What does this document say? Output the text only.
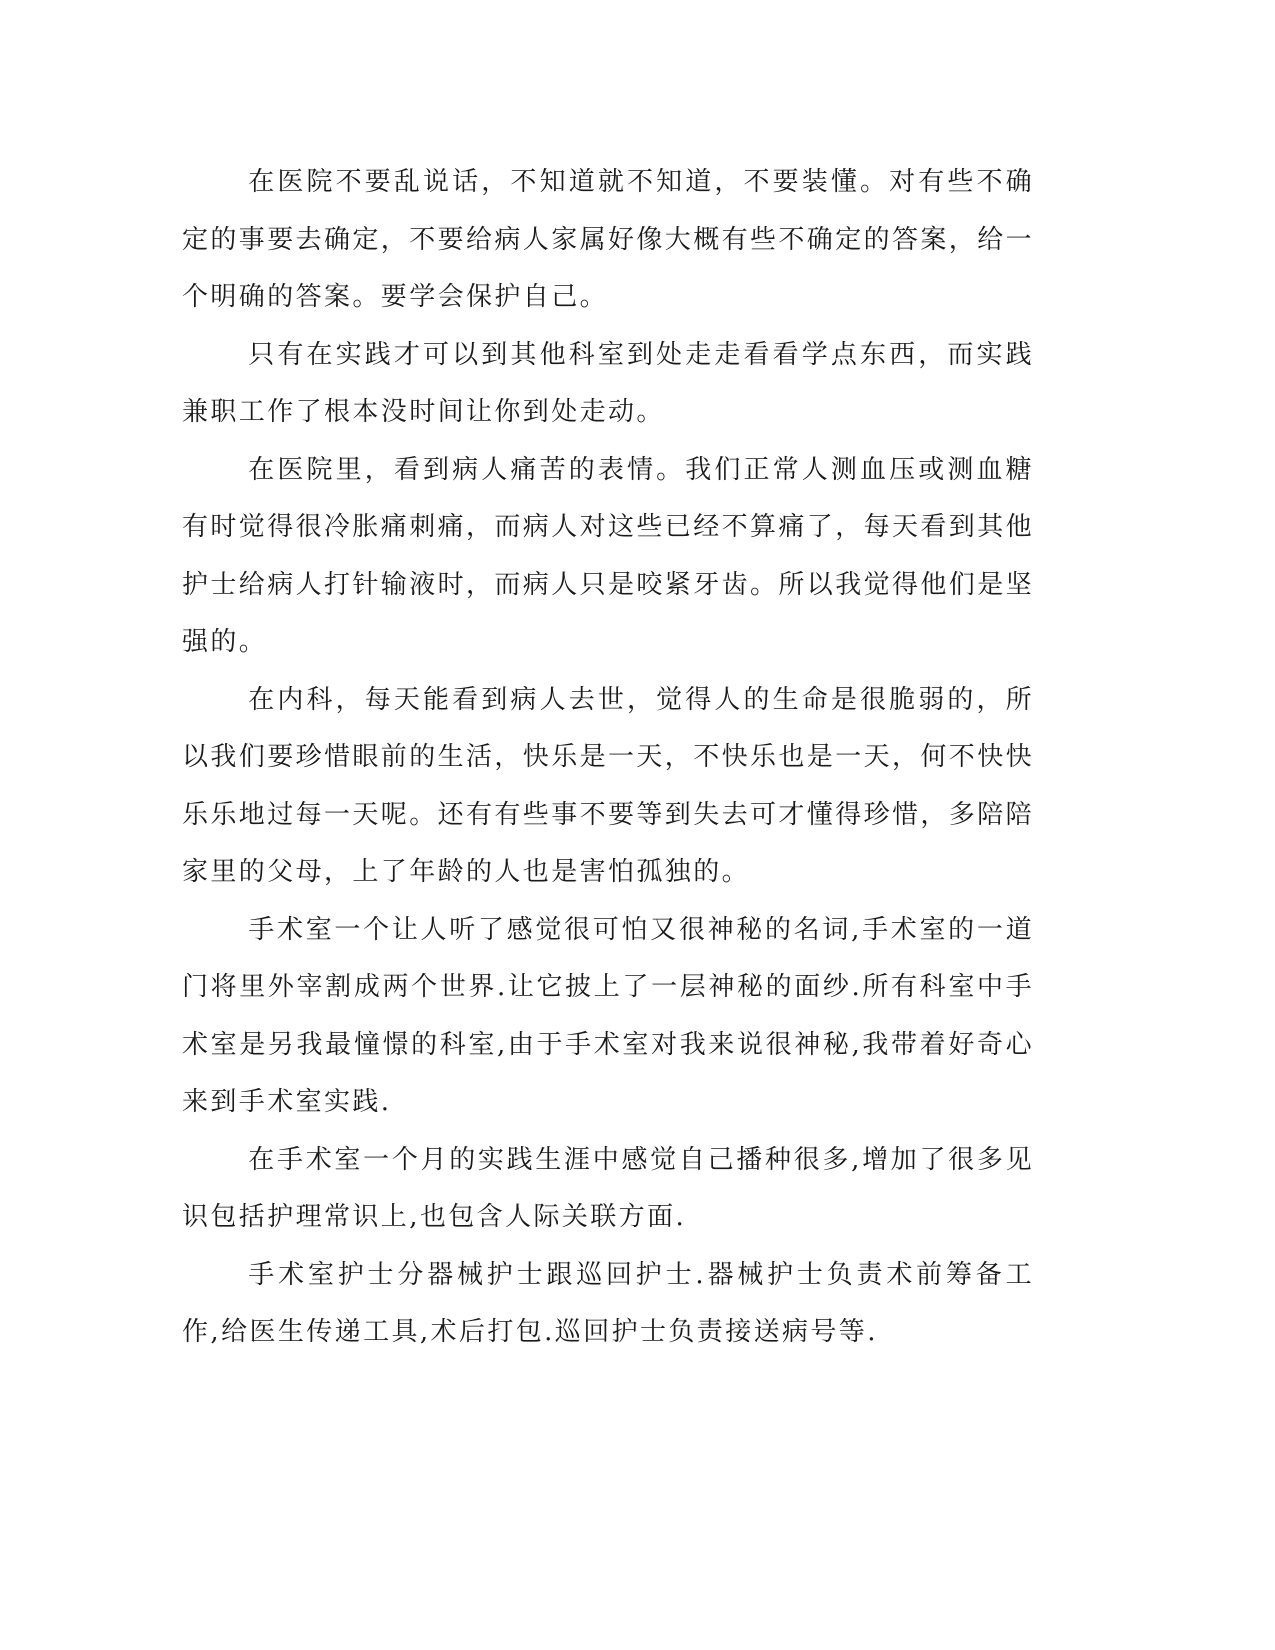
在医院不要乱说话，不知道就不知道，不要装懂。对有些不确定的事要去确定，不要给病人家属好像大概有些不确定的答案，给一个明确的答案。要学会保护自己。

只有在实践才可以到其他科室到处走走看看学点东西，而实践兼职工作了根本没时间让你到处走动。

在医院里，看到病人痛苦的表情。我们正常人测血压或测血糖有时觉得很冷胀痛刺痛，而病人对这些已经不算痛了，每天看到其他护士给病人打针输液时，而病人只是咬紧牙齿。所以我觉得他们是坚强的。

在内科，每天能看到病人去世，觉得人的生命是很脆弱的，所以我们要珍惜眼前的生活，快乐是一天，不快乐也是一天，何不快快乐乐地过每一天呢。还有有些事不要等到失去可才懂得珍惜，多陪陪家里的父母，上了年龄的人也是害怕孤独的。

手术室一个让人听了感觉很可怕又很神秘的名词,手术室的一道门将里外宰割成两个世界.让它披上了一层神秘的面纱.所有科室中手术室是另我最憧憬的科室,由于手术室对我来说很神秘,我带着好奇心来到手术室实践.

在手术室一个月的实践生涯中感觉自己播种很多,增加了很多见识包括护理常识上,也包含人际关联方面.

手术室护士分器械护士跟巡回护士.器械护士负责术前筹备工作,给医生传递工具,术后打包.巡回护士负责接送病号等.
